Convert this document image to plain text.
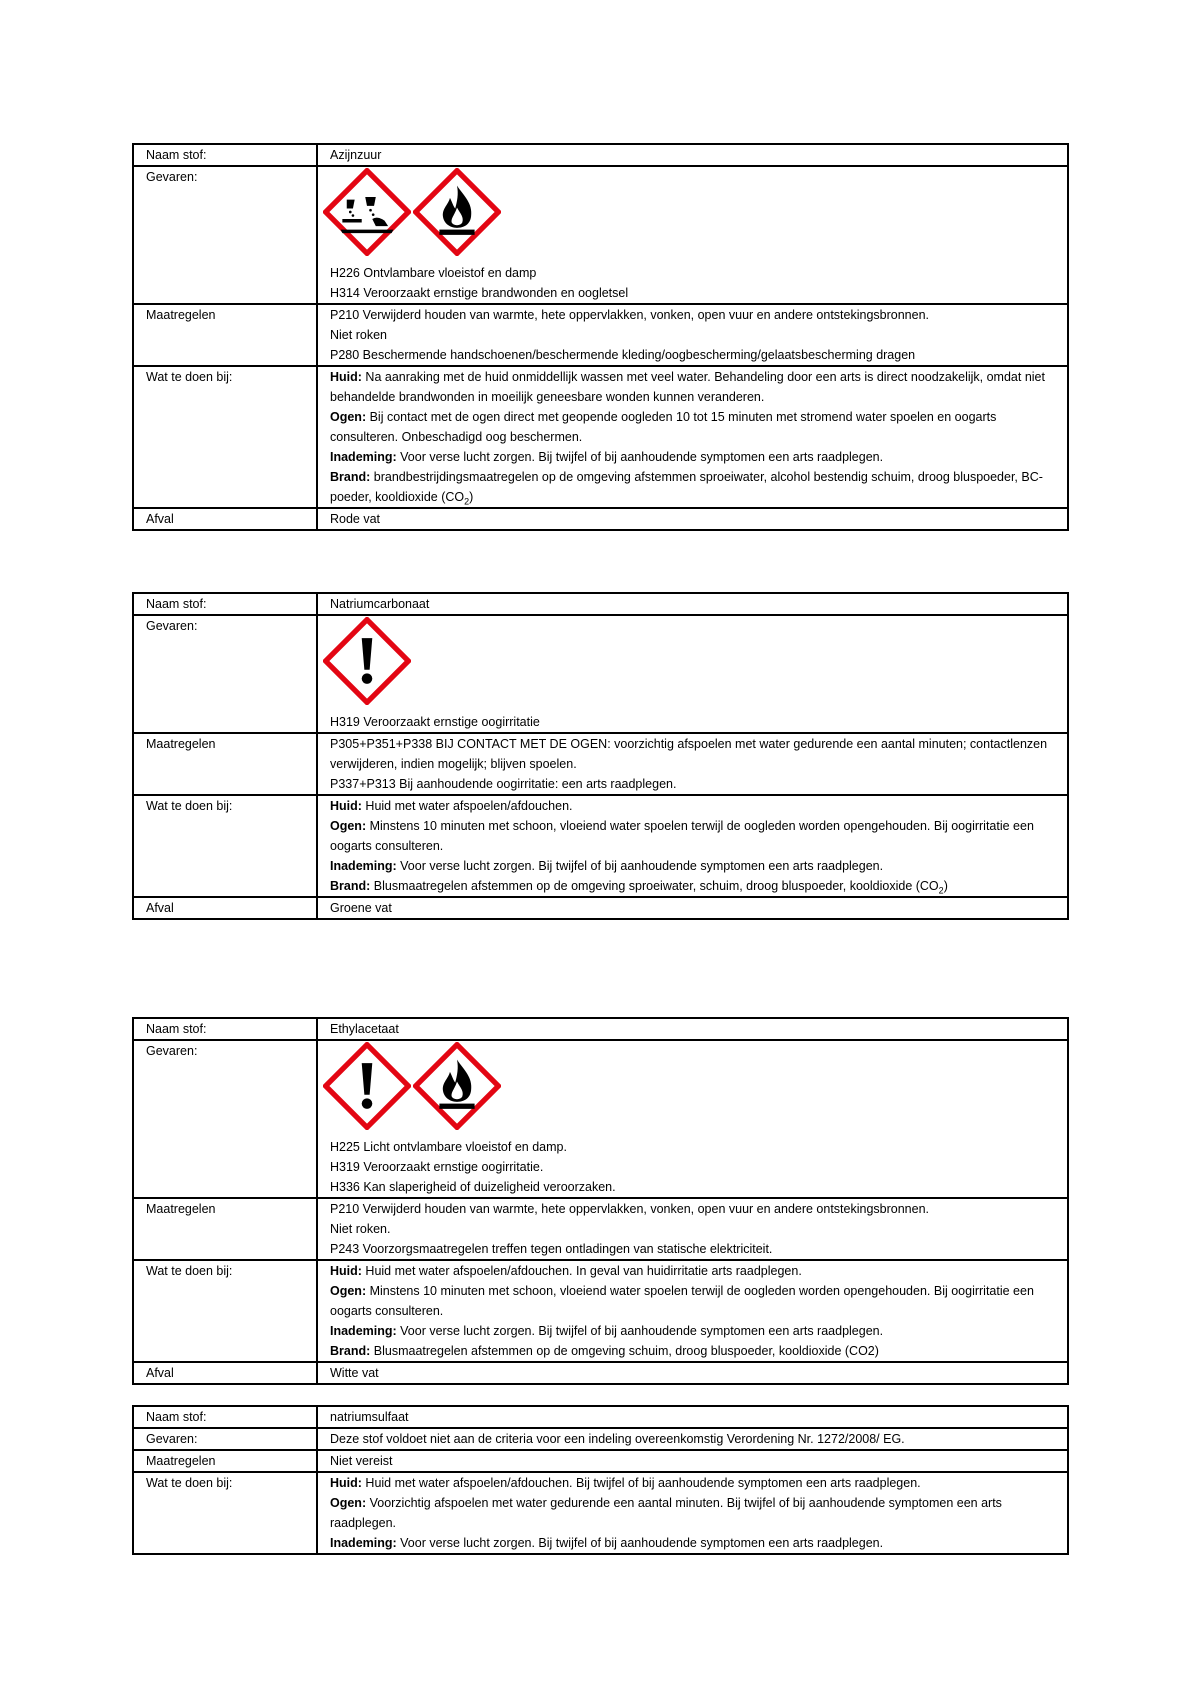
Naam stof:	Azijnzuur
Gevaren:	H226 Ontvlambare vloeistof en damp
H314 Veroorzaakt ernstige brandwonden en oogletsel

Maatregelen	P210 Verwijderd houden van warmte, hete oppervlakken, vonken, open vuur en andere ontstekingsbronnen.
Niet roken
P280 Beschermende handschoenen/beschermende kleding/oogbescherming/gelaatsbescherming dragen

Wat te doen bij:	Huid: Na aanraking met de huid onmiddellijk wassen met veel water. Behandeling door een arts is direct noodzakelijk, omdat niet behandelde brandwonden in moeilijk geneesbare wonden kunnen veranderen.
Ogen: Bij contact met de ogen direct met geopende oogleden 10 tot 15 minuten met stromend water spoelen en oogarts consulteren. Onbeschadigd oog beschermen.
Inademing: Voor verse lucht zorgen. Bij twijfel of bij aanhoudende symptomen een arts raadplegen.
Brand: brandbestrijdingsmaatregelen op de omgeving afstemmen sproeiwater, alcohol bestendig schuim, droog bluspoeder, BC-poeder, kooldioxide $(CO_2)$

Afval	Rode vat
Naam stof:	Natriumcarbonaat
Gevaren:	H319 Veroorzaakt ernstige oogirritatie

Maatregelen	P305+P351+P338 BIJ CONTACT MET DE OGEN: voorzichtig afspoelen met water gedurende een aantal minuten; contactlenzen verwijderen, indien mogelijk; blijven spoelen.
P337+P313 Bij aanhoudende oogirritatie: een arts raadplegen.

Wat te doen bij:	Huid: Huid met water afspoelen/afdouchen.
Ogen: Minstens 10 minuten met schoon, vloeiend water spoelen terwijl de oogleden worden opengehouden. Bij oogirritatie een oogarts consulteren.
Inademing: Voor verse lucht zorgen. Bij twijfel of bij aanhoudende symptomen een arts raadplegen.
Brand: Blusmaatregelen afstemmen op de omgeving sproeiwater, schuim, droog bluspoeder, kooldioxide $(CO_2)$

Afval	Groene vat
Naam stof:	Ethylacetaat
Gevaren:	H225 Licht ontvlambare vloeistof en damp.
H319 Veroorzaakt ernstige oogirritatie.
H336 Kan slaperigheid of duizeligheid veroorzaken.

Maatregelen	P210 Verwijderd houden van warmte, hete oppervlakken, vonken, open vuur en andere ontstekingsbronnen.
Niet roken.
P243 Voorzorgsmaatregelen treffen tegen ontladingen van statische elektriciteit.

Wat te doen bij:	Huid: Huid met water afspoelen/afdouchen. In geval van huidirritatie arts raadplegen.
Ogen: Minstens 10 minuten met schoon, vloeiend water spoelen terwijl de oogleden worden opengehouden. Bij oogirritatie een oogarts consulteren.
Inademing: Voor verse lucht zorgen. Bij twijfel of bij aanhoudende symptomen een arts raadplegen.
Brand: Blusmaatregelen afstemmen op de omgeving schuim, droog bluspoeder, kooldioxide (CO2)

Afval	Witte vat
Naam stof:	natriumsulfaat
Gevaren:	Deze stof voldoet niet aan de criteria voor een indeling overeenkomstig Verordening Nr. 1272/2008/ EG.
Maatregelen	Niet vereist
Wat te doen bij:	Huid: Huid met water afspoelen/afdouchen. Bij twijfel of bij aanhoudende symptomen een arts raadplegen.
Ogen: Voorzichtig afspoelen met water gedurende een aantal minuten. Bij twijfel of bij aanhoudende symptomen een arts raadplegen.
Inademing: Voor verse lucht zorgen. Bij twijfel of bij aanhoudende symptomen een arts raadplegen.
